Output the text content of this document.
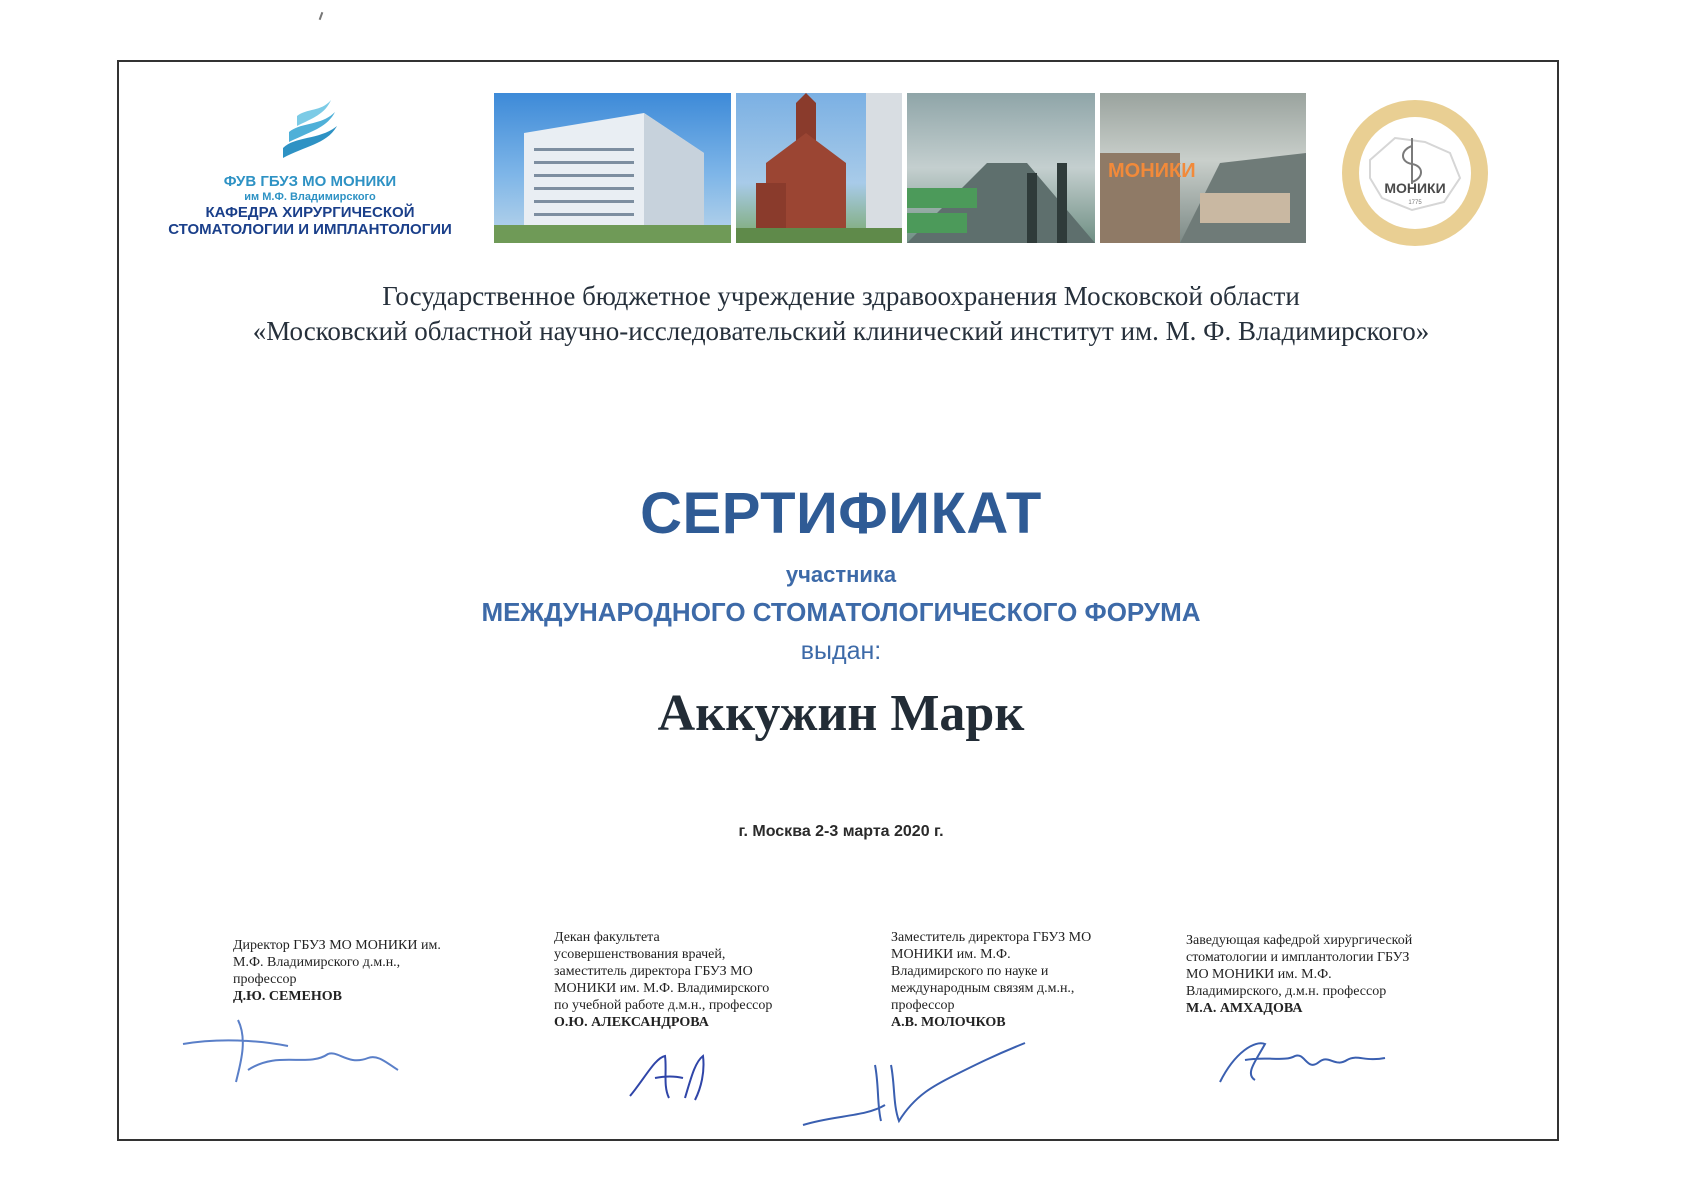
ФУВ ГБУЗ МО МОНИКИ
им М.Ф. Владимирского
КАФЕДРА ХИРУРГИЧЕСКОЙ
СТОМАТОЛОГИИ И ИМПЛАНТОЛОГИИ
МОНИКИ
МОНИКИ
1775
Государственное бюджетное учреждение здравоохранения Московской области
«Московский областной научно-исследовательский клинический институт им. М. Ф. Владимирского»
СЕРТИФИКАТ
участника
МЕЖДУНАРОДНОГО СТОМАТОЛОГИЧЕСКОГО ФОРУМА
выдан:
Аккужин Марк
г. Москва 2-3 марта 2020 г.
Директор ГБУЗ МО МОНИКИ им.
М.Ф. Владимирского д.м.н.,
профессор
Д.Ю. СЕМЕНОВ
Декан факультета
усовершенствования врачей,
заместитель директора ГБУЗ МО
МОНИКИ им. М.Ф. Владимирского
по учебной работе д.м.н., профессор
О.Ю. АЛЕКСАНДРОВА
Заместитель директора ГБУЗ МО
МОНИКИ им. М.Ф.
Владимирского по науке и
международным связям д.м.н.,
профессор
А.В. МОЛОЧКОВ
Заведующая кафедрой хирургической
стоматологии и имплантологии ГБУЗ
МО МОНИКИ им. М.Ф.
Владимирского, д.м.н. профессор
М.А. АМХАДОВА
